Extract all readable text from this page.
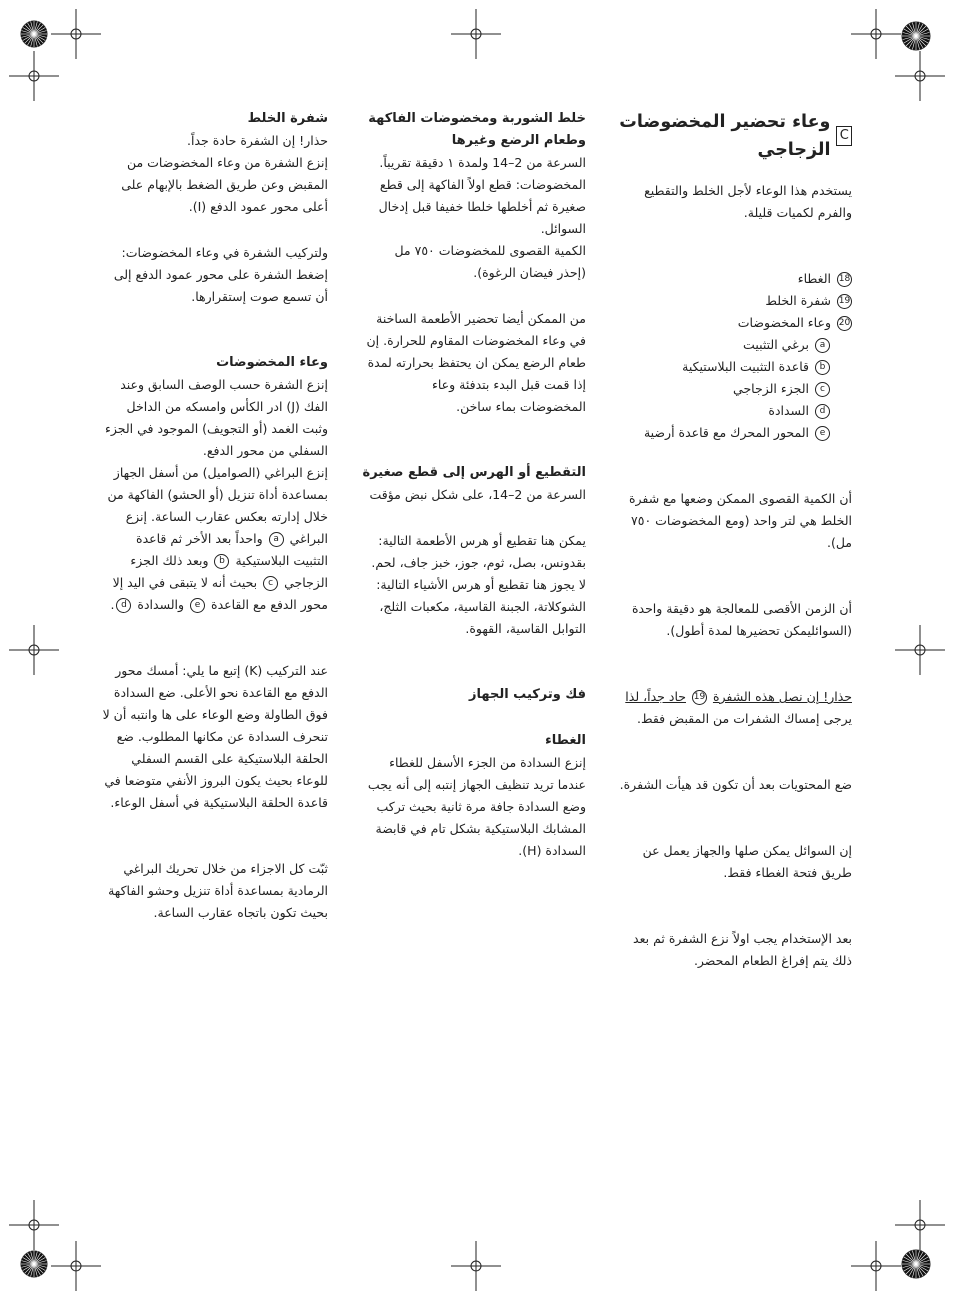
C
وعاء تحضير المخضوضات الزجاجي

يستخدم هذا الوعاء لأجل الخلط والتقطيع والفرم لكميات قليلة.

18
الغطاء
19
شفرة الخلط
20
وعاء المخضوضات
a
برغي التثبيت
b
قاعدة التثبيت البلاستيكية
c
الجزء الزجاجي
d
السدادة
e
المحور المحرك مع قاعدة أرضية

أن الكمية القصوى الممكن وضعها مع شفرة الخلط هي لتر واحد (ومع المخضوضات ٧٥٠ مل).

أن الزمن الأقصى للمعالجة هو دقيقة واحدة (السوائليمكن تحضيرها لمدة أطول).

حذار! إن نصل هذه الشفرة 19 حاد جداً، لذا يرجى إمساك الشفرات من المقبض فقط.

ضع المحتويات بعد أن تكون قد هيأت الشفرة.

إن السوائل يمكن صلها والجهاز يعمل عن طريق فتحة الغطاء فقط.

بعد الإستخدام يجب اولاً نزع الشفرة ثم بعد ذلك يتم إفراغ الطعام المحضر.

خلط الشوربة ومخضوضات الفاكهة وطعام الرضع وغيرها

السرعة من 2–14 ولمدة ١ دقيقة تقريباً.

المخضوضات: قطع اولاً الفاكهة إلى قطع صغيرة ثم أخلطها خلطا خفيفا قبل إدخال السوائل.

الكمية القصوى للمخضوضات ٧٥٠ مل (إحذر فيضان الرغوة).

من الممكن أيضا تحضير الأطعمة الساخنة في وعاء المخضوضات المقاوم للحرارة. إن طعام الرضع يمكن ان يحتفظ بحرارته لمدة إذا قمت قبل البدء بتدفئة وعاء المخضوضات بماء ساخن.

التقطيع أو الهرس إلى قطع صغيرة

السرعة من 2–14، على شكل نبض مؤقت

يمكن هنا تقطيع أو هرس الأطعمة التالية: بقدونس، بصل، ثوم، جوز، خبز جاف، لحم.

لا يجوز هنا تقطيع أو هرس الأشياء التالية: الشوكلاتة، الجبنة القاسية، مكعبات الثلج، التوابل القاسية، القهوة.

فك وتركيب الجهاز

الغطاء

إنزع السدادة من الجزء الأسفل للغطاء عندما تريد تنظيف الجهاز إنتبه إلى أنه يجب وضع السدادة جافة مرة ثانية بحيث تركب المشابك البلاستيكية بشكل تام في قابضة السدادة (H).

شفرة الخلط

حذار! إن الشفرة حادة جداً.

إنزع الشفرة من وعاء المخضوضات من المقبض وعن طريق الضغط بالإبهام على أعلى محور عمود الدفع (I).

ولتركيب الشفرة في وعاء المخضوضات: إضغط الشفرة على محور عمود الدفع إلى أن تسمع صوت إستقرارها.

وعاء المخضوضات

إنزع الشفرة حسب الوصف السابق وعند الفك (J) ادر الكأس وامسكه من الداخل وثبت الغمد (أو التجويف) الموجود في الجزء السفلي من محور الدفع.

إنزع البراغي (الصواميل) من أسفل الجهاز بمساعدة أداة تنزيل (أو الحشو) الفاكهة من خلال إدارته بعكس عقارب الساعة. إنزع البراغي a واحداً بعد الأخر ثم قاعدة التثبيت البلاستيكية b وبعد ذلك الجزء الزجاجي c بحيث أنه لا يتبقى في اليد إلا محور الدفع مع القاعدة e والسدادة d.

عند التركيب (K) إتبع ما يلي: أمسك محور الدفع مع القاعدة نحو الأعلى. ضع السدادة فوق الطاولة وضع الوعاء على ها وانتبه أن لا تنحرف السدادة عن مكانها المطلوب. ضع الحلقة البلاستيكية على القسم السفلي للوعاء بحيث يكون البروز الأنفي متوضعا في قاعدة الحلقة البلاستيكية في أسفل الوعاء.

ثبّت كل الاجزاء من خلال تحريك البراغي الرمادية بمساعدة أداة تنزيل وحشو الفاكهة بحيث تكون باتجاه عقارب الساعة.
